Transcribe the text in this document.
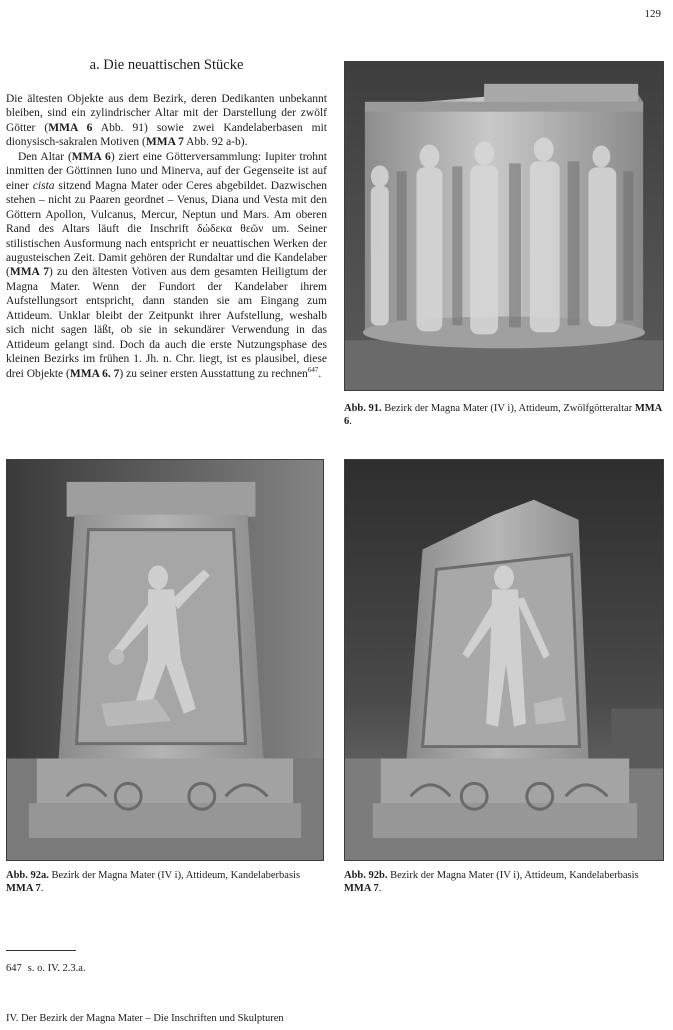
129
a. Die neuattischen Stücke

Die ältesten Objekte aus dem Bezirk, deren Dedikanten unbekannt bleiben, sind ein zylindrischer Altar mit der Darstellung der zwölf Götter (MMA 6 Abb. 91) sowie zwei Kandelaberbasen mit dionysisch-sakralen Motiven (MMA 7 Abb. 92 a-b).

Den Altar (MMA 6) ziert eine Götterversammlung: Iupiter trohnt inmitten der Göttinnen Iuno und Minerva, auf der Gegenseite ist auf einer cista sitzend Magna Mater oder Ceres abgebildet. Dazwischen stehen – nicht zu Paaren geordnet – Venus, Diana und Vesta mit den Göttern Apollon, Vulcanus, Mercur, Neptun und Mars. Am oberen Rand des Altars läuft die Inschrift δώδεκα θεῶν um. Seiner stilistischen Ausformung nach entspricht er neuattischen Werken der augusteischen Zeit. Damit gehören der Rundaltar und die Kandelaber (MMA 7) zu den ältesten Votiven aus dem gesamten Heiligtum der Magna Mater. Wenn der Fundort der Kandelaber ihrem Aufstellungsort entspricht, dann standen sie am Eingang zum Attideum. Unklar bleibt der Zeitpunkt ihrer Aufstellung, weshalb sich nicht sagen läßt, ob sie in sekundärer Verwendung in das Attideum gelangt sind. Doch da auch die erste Nutzungsphase des kleinen Bezirks im frühen 1. Jh. n. Chr. liegt, ist es plausibel, diese drei Objekte (MMA 6. 7) zu seiner ersten Ausstattung zu rechnen$^{647}$.

Abb. 91. Bezirk der Magna Mater (IV i), Attideum, Zwölfgötteraltar MMA 6.

Abb. 92a. Bezirk der Magna Mater (IV i), Attideum, Kandelaberbasis MMA 7.

Abb. 92b. Bezirk der Magna Mater (IV i), Attideum, Kandelaberbasis MMA 7.

647 s. o. IV. 2.3.a.
IV. Der Bezirk der Magna Mater – Die Inschriften und Skulpturen
